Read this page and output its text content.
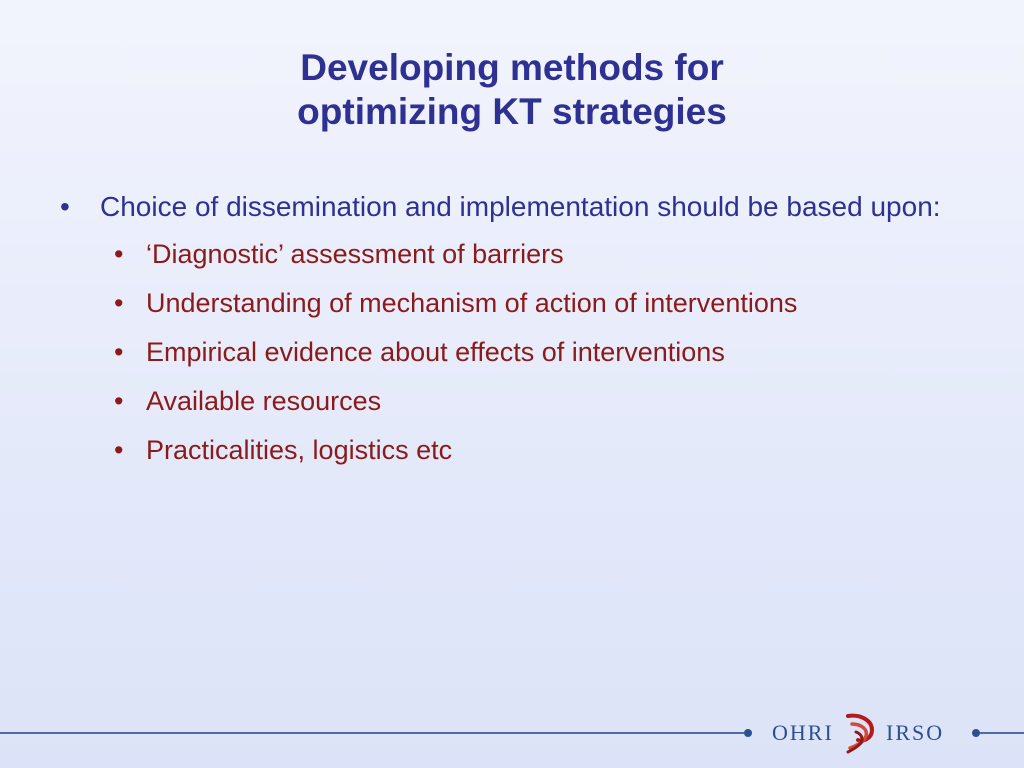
Developing methods for
optimizing KT strategies
• Choice of dissemination and implementation should be based upon:
• ‘Diagnostic’ assessment of barriers
• Understanding of mechanism of action of interventions
• Empirical evidence about effects of interventions
• Available resources
• Practicalities, logistics etc
OHRI IRSO
